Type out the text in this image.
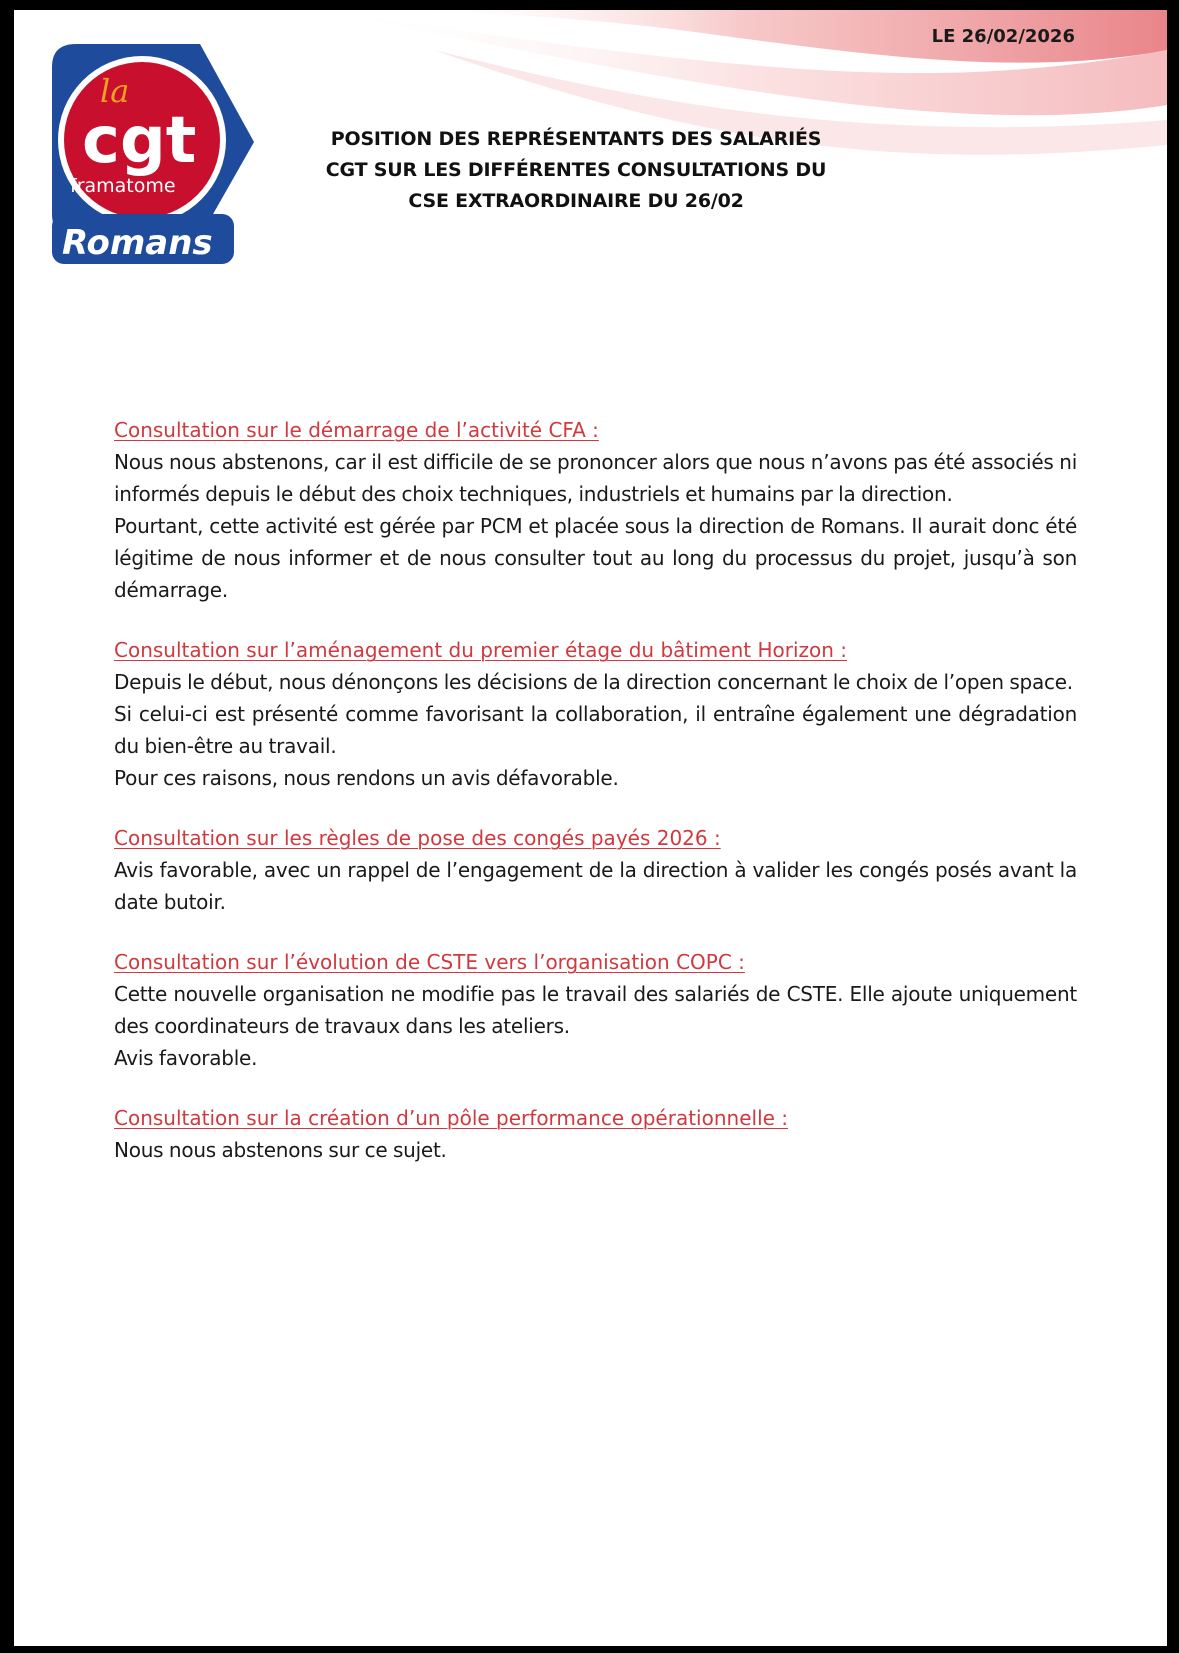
la
cgt
framatome
Romans
LE 26/02/2026
POSITION DES REPRÉSENTANTS DES SALARIÉS
CGT SUR LES DIFFÉRENTES CONSULTATIONS DU
CSE EXTRAORDINAIRE DU 26/02
Consultation sur le démarrage de l’activité CFA :

Nous nous abstenons, car il est difficile de se prononcer alors que nous n’avons pas été associés ni informés depuis le début des choix techniques, industriels et humains par la direction.

Pourtant, cette activité est gérée par PCM et placée sous la direction de Romans. Il aurait donc été légitime de nous informer et de nous consulter tout au long du processus du projet, jusqu’à son démarrage.

Consultation sur l’aménagement du premier étage du bâtiment Horizon :

Depuis le début, nous dénonçons les décisions de la direction concernant le choix de l’open space.

Si celui-ci est présenté comme favorisant la collaboration, il entraîne également une dégradation du bien-être au travail.

Pour ces raisons, nous rendons un avis défavorable.

Consultation sur les règles de pose des congés payés 2026 :

Avis favorable, avec un rappel de l’engagement de la direction à valider les congés posés avant la date butoir.

Consultation sur l’évolution de CSTE vers l’organisation COPC :

Cette nouvelle organisation ne modifie pas le travail des salariés de CSTE. Elle ajoute uniquement des coordinateurs de travaux dans les ateliers.

Avis favorable.

Consultation sur la création d’un pôle performance opérationnelle :

Nous nous abstenons sur ce sujet.
